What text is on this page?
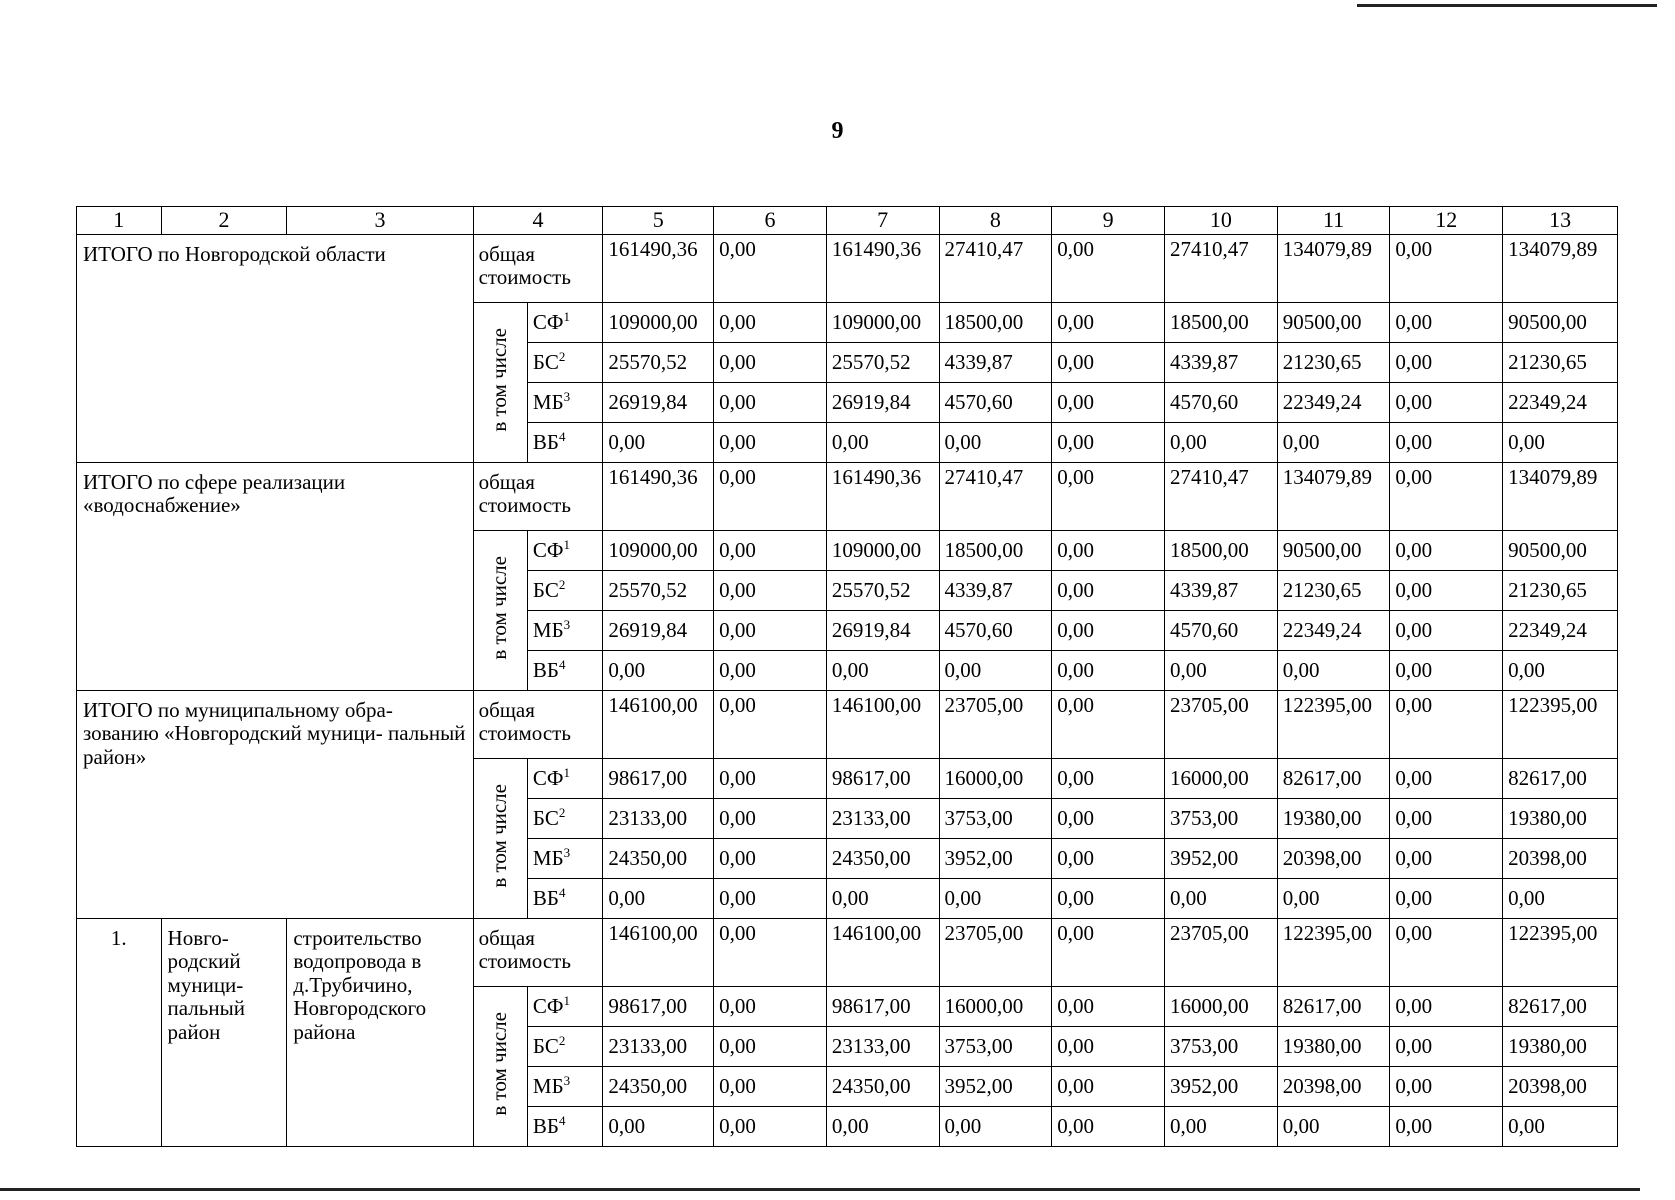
9
1	2	3	4		5	6	7	8	9	10	11	12	13
ИТОГО по Новгородской области			общая стоимость		161490,36	0,00	161490,36	27410,47	0,00	27410,47	134079,89	0,00	134079,89
			в том числе	$СФ^1$	109000,00	0,00	109000,00	18500,00	0,00	18500,00	90500,00	0,00	90500,00
				$БС^2$	25570,52	0,00	25570,52	4339,87	0,00	4339,87	21230,65	0,00	21230,65
				$МБ^3$	26919,84	0,00	26919,84	4570,60	0,00	4570,60	22349,24	0,00	22349,24
				$ВБ^4$	0,00	0,00	0,00	0,00	0,00	0,00	0,00	0,00	0,00
ИТОГО по сфере реализации «водоснабжение»			общая стоимость		161490,36	0,00	161490,36	27410,47	0,00	27410,47	134079,89	0,00	134079,89
			в том числе	$СФ^1$	109000,00	0,00	109000,00	18500,00	0,00	18500,00	90500,00	0,00	90500,00
				$БС^2$	25570,52	0,00	25570,52	4339,87	0,00	4339,87	21230,65	0,00	21230,65
				$МБ^3$	26919,84	0,00	26919,84	4570,60	0,00	4570,60	22349,24	0,00	22349,24
				$ВБ^4$	0,00	0,00	0,00	0,00	0,00	0,00	0,00	0,00	0,00
ИТОГО по муниципальному обра- зованию «Новгородский муници- пальный район»			общая стоимость		146100,00	0,00	146100,00	23705,00	0,00	23705,00	122395,00	0,00	122395,00
			в том числе	$СФ^1$	98617,00	0,00	98617,00	16000,00	0,00	16000,00	82617,00	0,00	82617,00
				$БС^2$	23133,00	0,00	23133,00	3753,00	0,00	3753,00	19380,00	0,00	19380,00
				$МБ^3$	24350,00	0,00	24350,00	3952,00	0,00	3952,00	20398,00	0,00	20398,00
				$ВБ^4$	0,00	0,00	0,00	0,00	0,00	0,00	0,00	0,00	0,00
1.	Новго- родский муници- пальный район	строительство водопровода в д.Трубичино, Новгородского района	общая стоимость		146100,00	0,00	146100,00	23705,00	0,00	23705,00	122395,00	0,00	122395,00
			в том числе	$СФ^1$	98617,00	0,00	98617,00	16000,00	0,00	16000,00	82617,00	0,00	82617,00
				$БС^2$	23133,00	0,00	23133,00	3753,00	0,00	3753,00	19380,00	0,00	19380,00
				$МБ^3$	24350,00	0,00	24350,00	3952,00	0,00	3952,00	20398,00	0,00	20398,00
				$ВБ^4$	0,00	0,00	0,00	0,00	0,00	0,00	0,00	0,00	0,00
